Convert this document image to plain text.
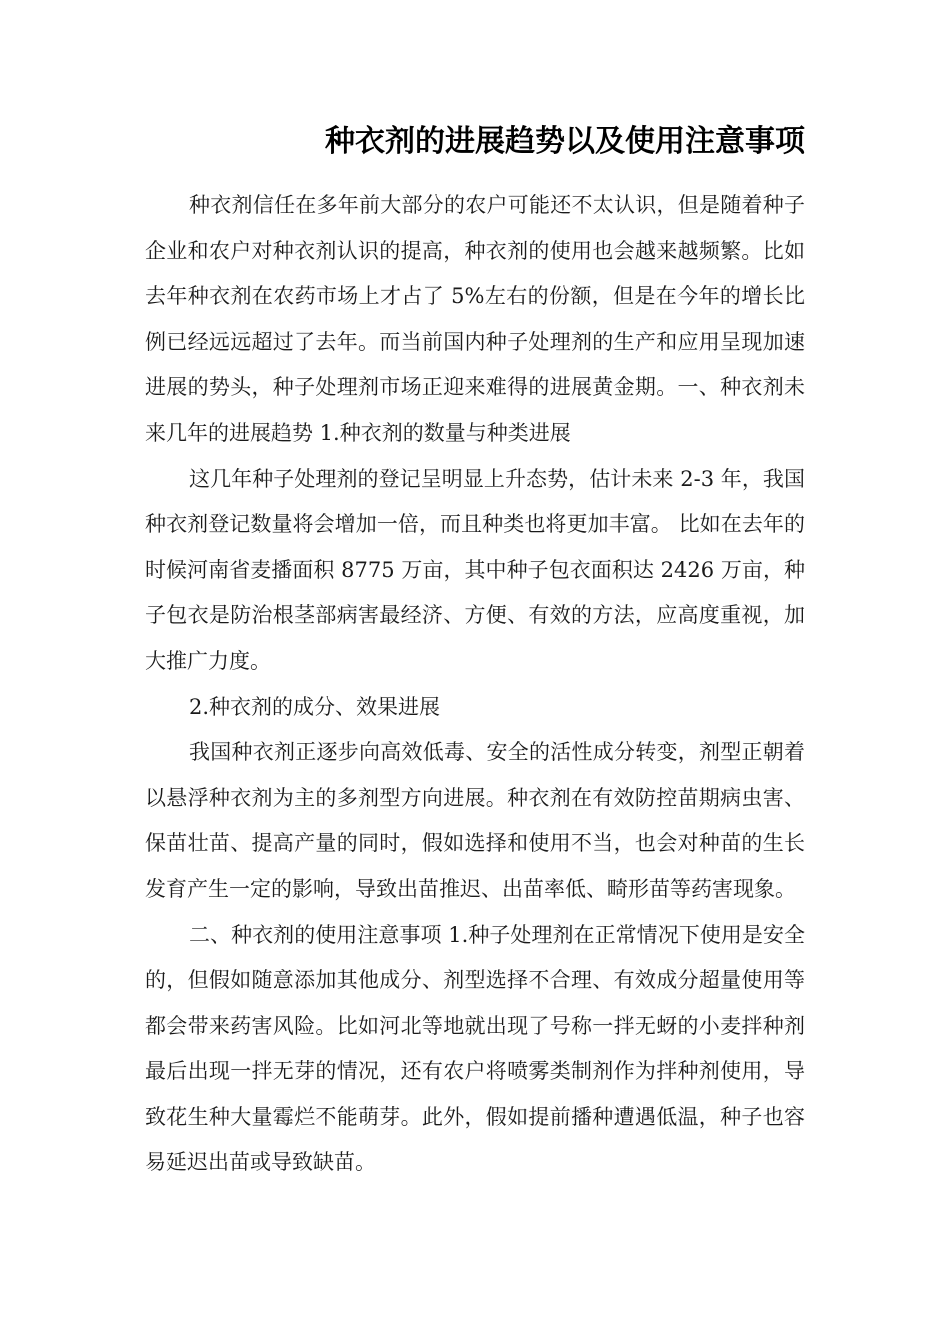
种衣剂的进展趋势以及使用注意事项

种衣剂信任在多年前大部分的农户可能还不太认识，但是随着种子企业和农户对种衣剂认识的提高，种衣剂的使用也会越来越频繁。比如去年种衣剂在农药市场上才占了 5%左右的份额，但是在今年的增长比例已经远远超过了去年。而当前国内种子处理剂的生产和应用呈现加速进展的势头，种子处理剂市场正迎来难得的进展黄金期。一、种衣剂未来几年的进展趋势 1.种衣剂的数量与种类进展

这几年种子处理剂的登记呈明显上升态势，估计未来 2-3 年，我国种衣剂登记数量将会增加一倍，而且种类也将更加丰富。 比如在去年的时候河南省麦播面积 8775 万亩，其中种子包衣面积达 2426 万亩，种子包衣是防治根茎部病害最经济、方便、有效的方法，应高度重视，加大推广力度。

2.种衣剂的成分、效果进展

我国种衣剂正逐步向高效低毒、安全的活性成分转变，剂型正朝着以悬浮种衣剂为主的多剂型方向进展。种衣剂在有效防控苗期病虫害、保苗壮苗、提高产量的同时，假如选择和使用不当，也会对种苗的生长发育产生一定的影响，导致出苗推迟、出苗率低、畸形苗等药害现象。

二、种衣剂的使用注意事项 1.种子处理剂在正常情况下使用是安全的，但假如随意添加其他成分、剂型选择不合理、有效成分超量使用等都会带来药害风险。比如河北等地就出现了号称一拌无蚜的小麦拌种剂最后出现一拌无芽的情况，还有农户将喷雾类制剂作为拌种剂使用，导致花生种大量霉烂不能萌芽。此外，假如提前播种遭遇低温，种子也容易延迟出苗或导致缺苗。
